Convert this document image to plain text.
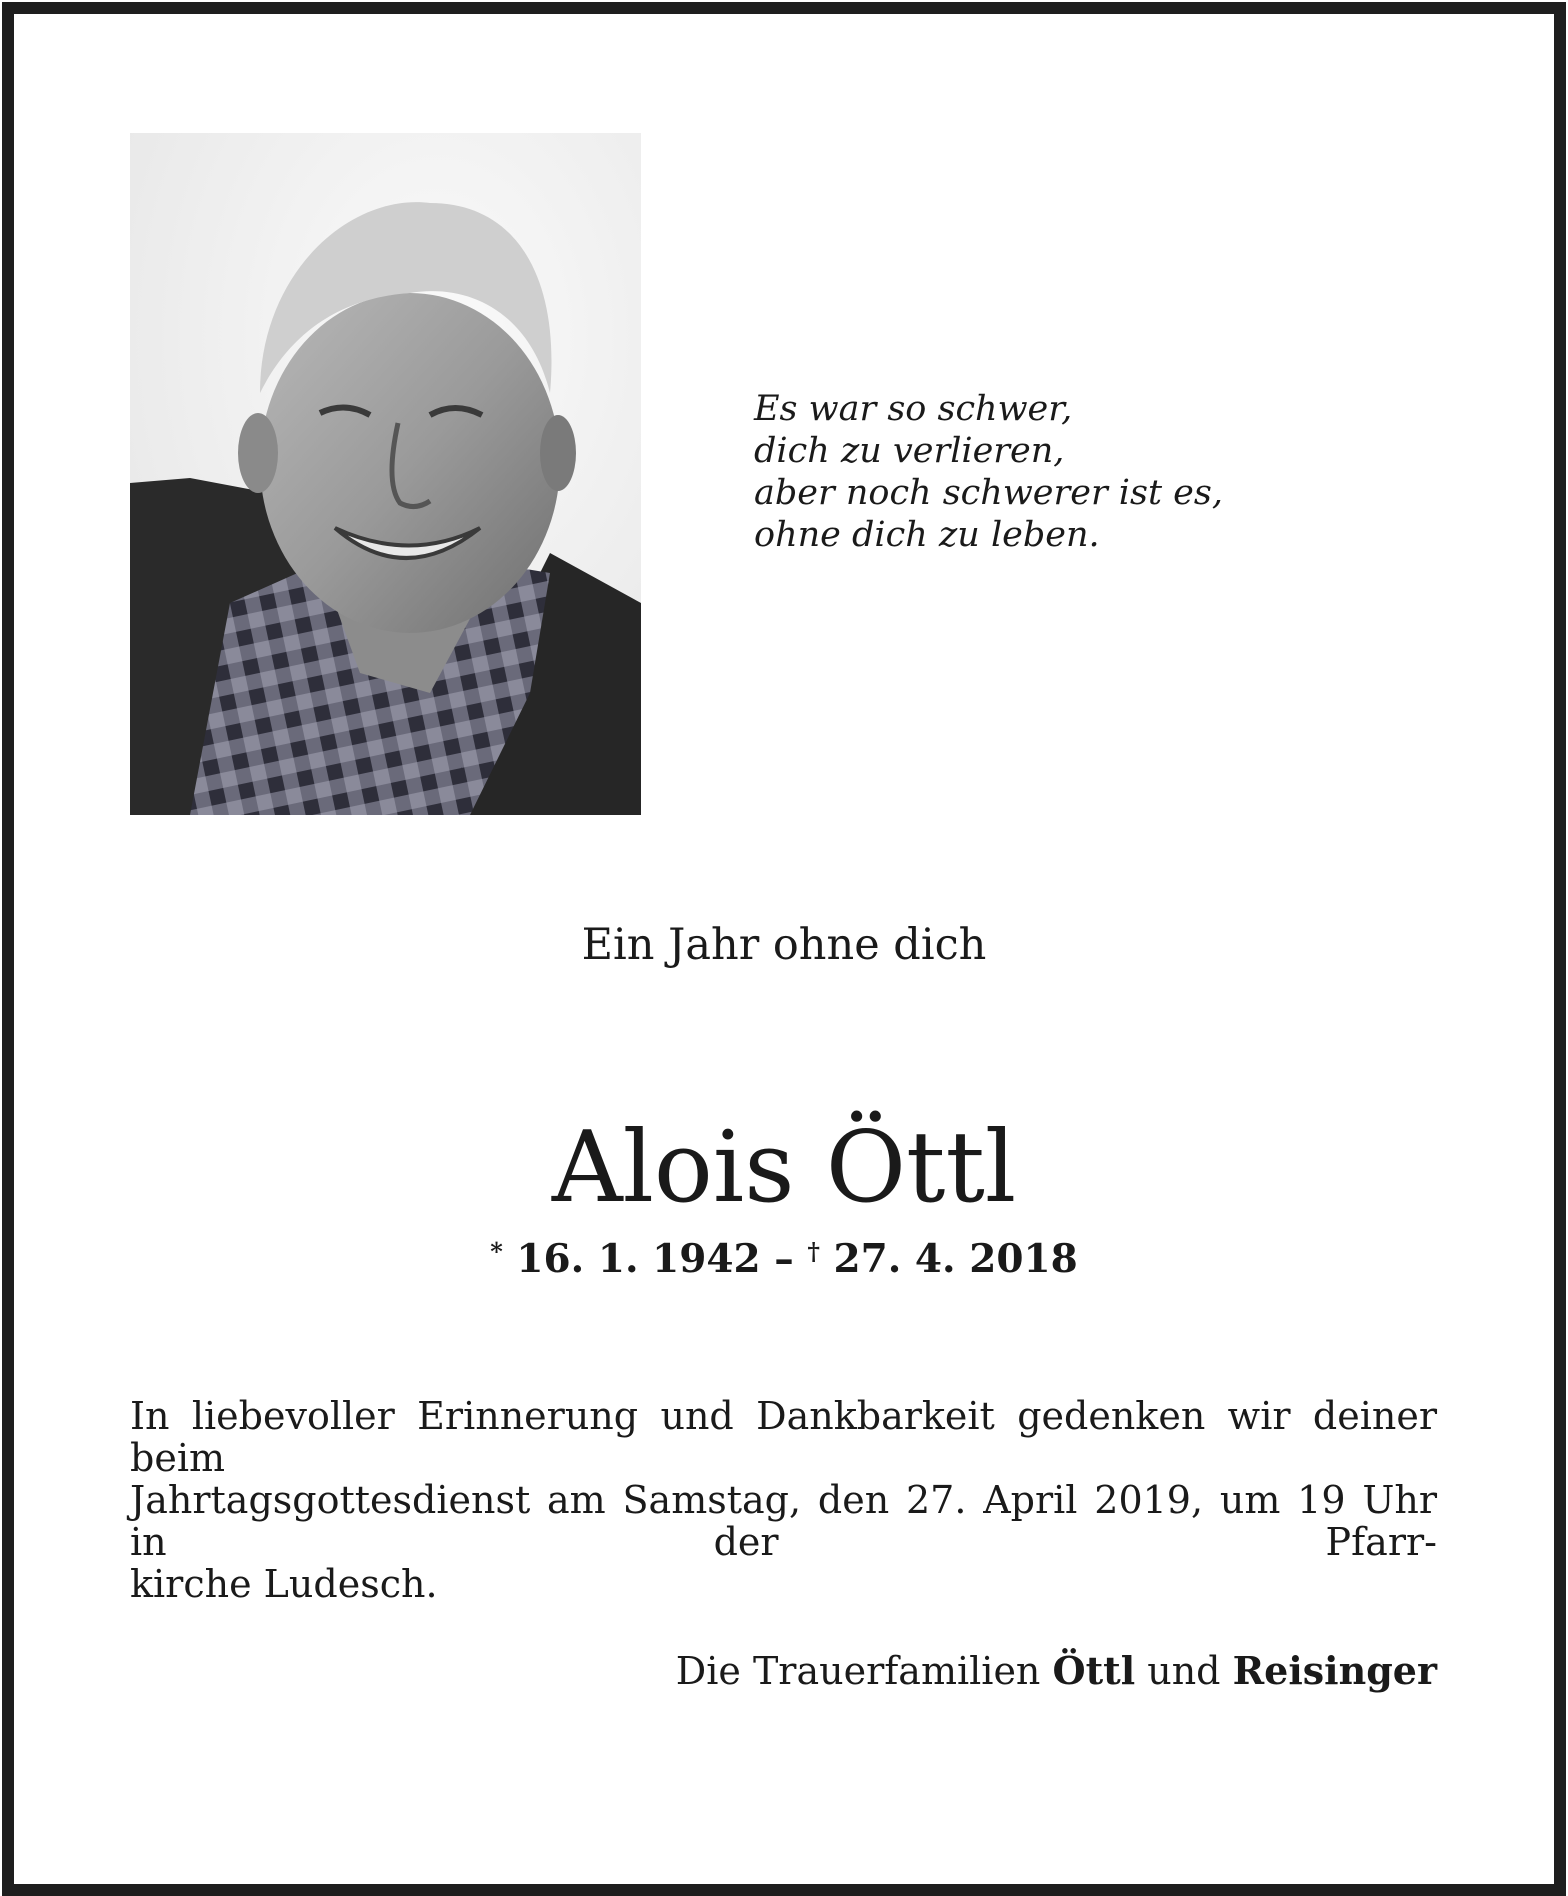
Es war so schwer,
dich zu verlieren,
aber noch schwerer ist es,
ohne dich zu leben.
Ein Jahr ohne dich
Alois Öttl
* 16. 1. 1942 – † 27. 4. 2018
In liebevoller Erinnerung und Dankbarkeit gedenken wir deiner beim
Jahrtagsgottesdienst am Samstag, den 27. April 2019, um 19 Uhr in der Pfarr-
kirche Ludesch.
Die Trauerfamilien Öttl und Reisinger
